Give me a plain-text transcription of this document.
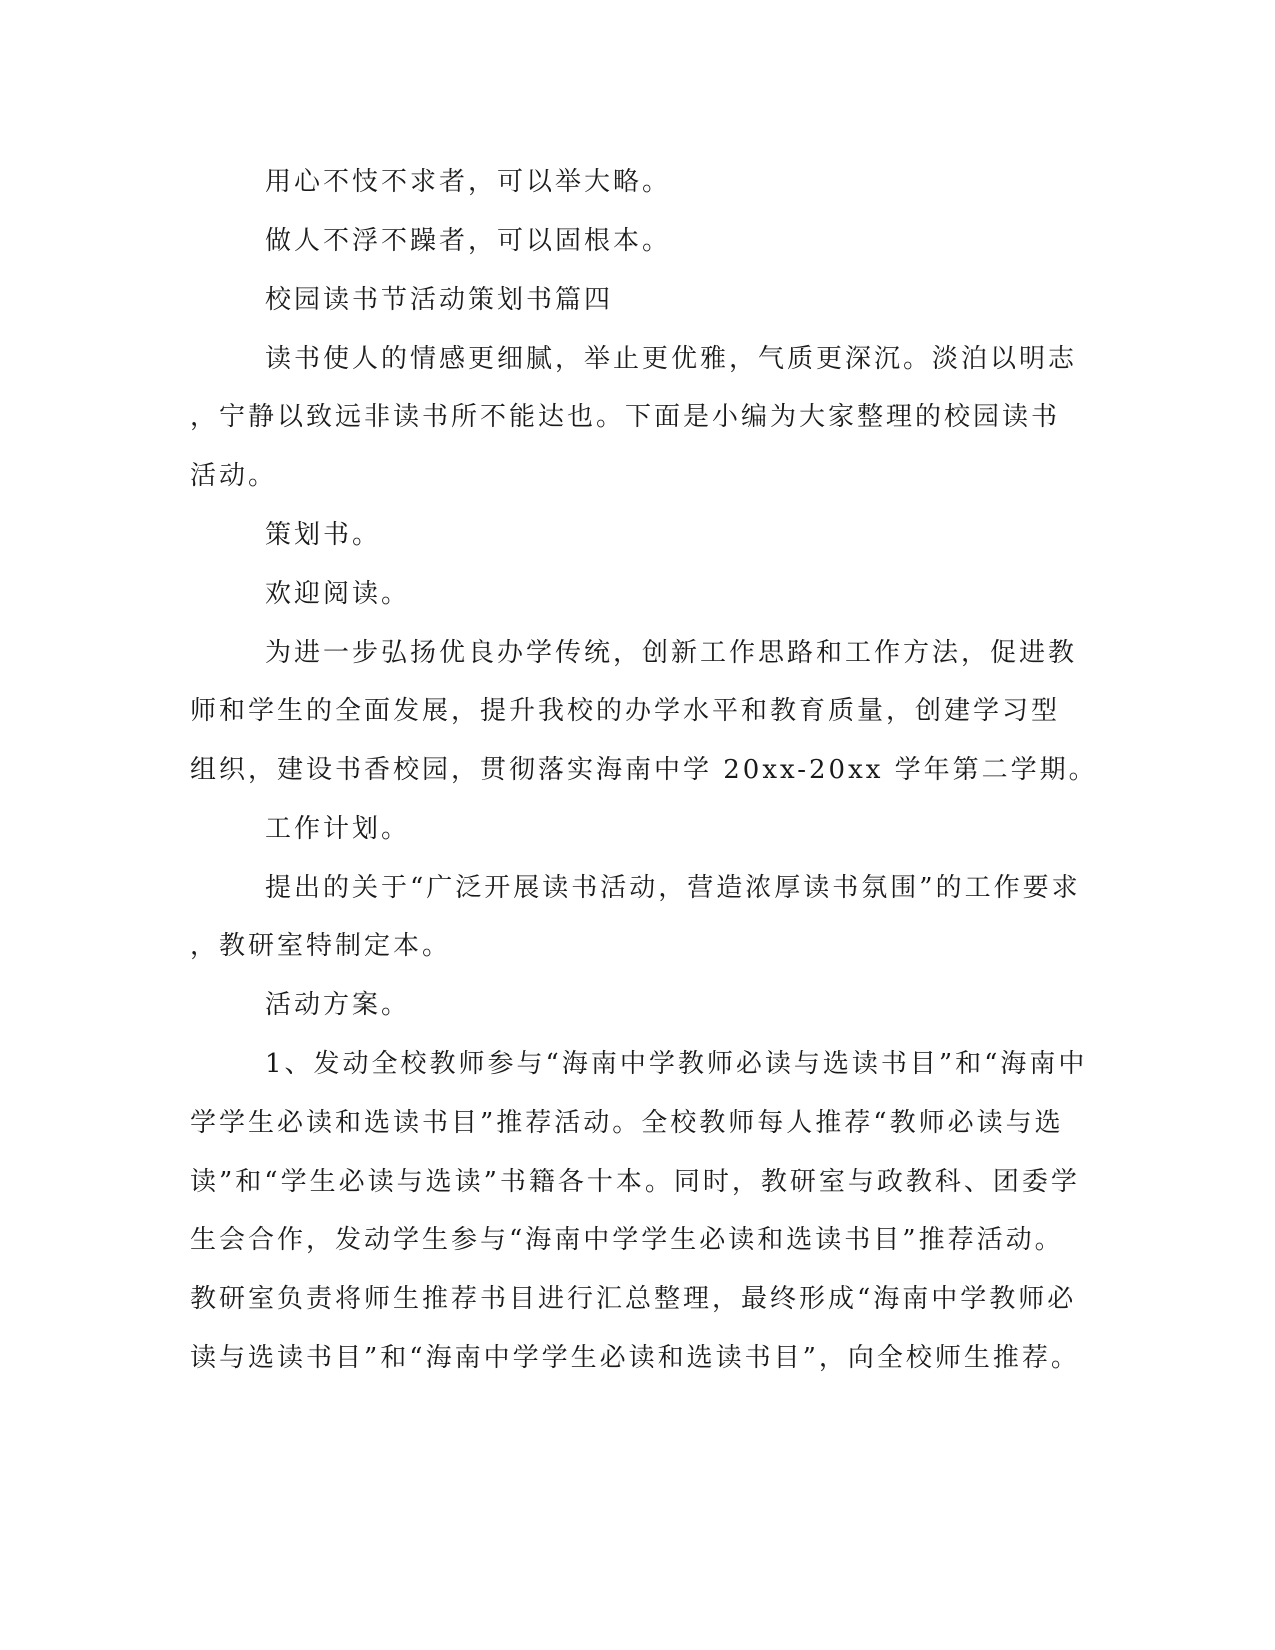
用心不忮不求者，可以举大略。
做人不浮不躁者，可以固根本。
校园读书节活动策划书篇四
读书使人的情感更细腻，举止更优雅，气质更深沉。淡泊以明志
，宁静以致远非读书所不能达也。下面是小编为大家整理的校园读书
活动。
策划书。
欢迎阅读。
为进一步弘扬优良办学传统，创新工作思路和工作方法，促进教
师和学生的全面发展，提升我校的办学水平和教育质量，创建学习型
组织，建设书香校园，贯彻落实海南中学 20xx-20xx 学年第二学期。
工作计划。
提出的关于“广泛开展读书活动，营造浓厚读书氛围”的工作要求
，教研室特制定本。
活动方案。
1、发动全校教师参与“海南中学教师必读与选读书目”和“海南中
学学生必读和选读书目”推荐活动。全校教师每人推荐“教师必读与选
读”和“学生必读与选读”书籍各十本。同时，教研室与政教科、团委学
生会合作，发动学生参与“海南中学学生必读和选读书目”推荐活动。
教研室负责将师生推荐书目进行汇总整理，最终形成“海南中学教师必
读与选读书目”和“海南中学学生必读和选读书目”，向全校师生推荐。
